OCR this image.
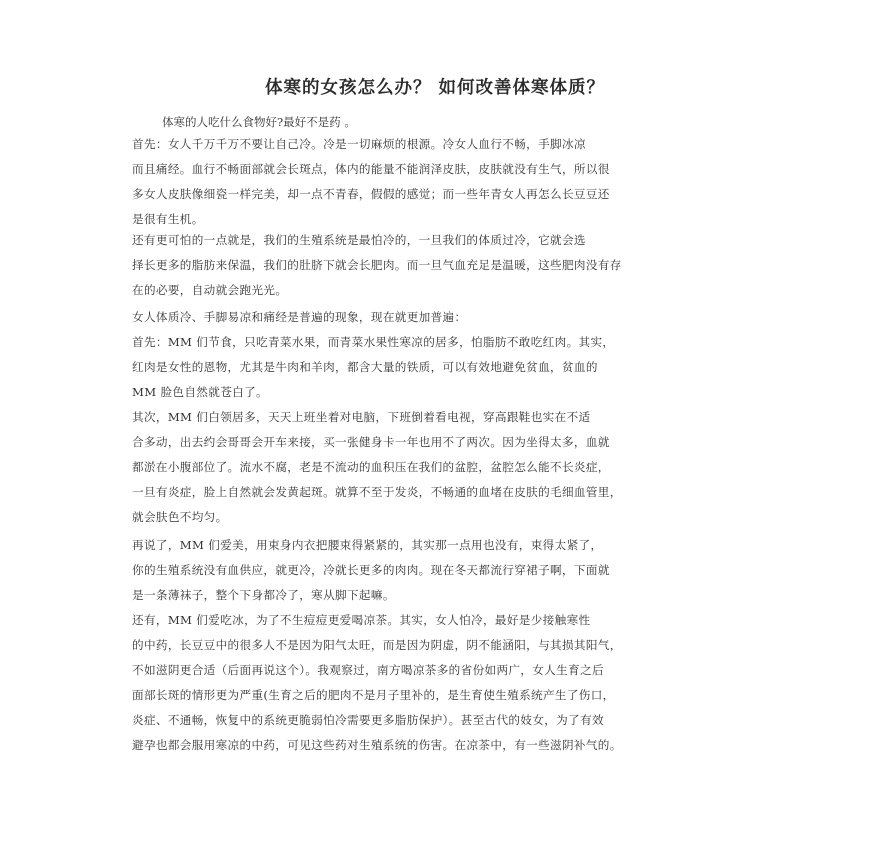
体寒的女孩怎么办？ 如何改善体寒体质？
体寒的人吃什么食物好?最好不是药 。
首先：女人千万千万不要让自己冷。冷是一切麻烦的根源。冷女人血行不畅，手脚冰凉
而且痛经。血行不畅面部就会长斑点，体内的能量不能润泽皮肤，皮肤就没有生气，所以很
多女人皮肤像细瓷一样完美，却一点不青春，假假的感觉；而一些年青女人再怎么长豆豆还
是很有生机。
还有更可怕的一点就是，我们的生殖系统是最怕冷的，一旦我们的体质过冷，它就会选
择长更多的脂肪来保温，我们的肚脐下就会长肥肉。而一旦气血充足是温暖，这些肥肉没有存
在的必要，自动就会跑光光。
女人体质冷、手脚易凉和痛经是普遍的现象，现在就更加普遍：
首先：MM 们节食，只吃青菜水果，而青菜水果性寒凉的居多，怕脂肪不敢吃红肉。其实，
红肉是女性的恩物，尤其是牛肉和羊肉，都含大量的铁质，可以有效地避免贫血，贫血的
MM 脸色自然就苍白了。
其次，MM 们白领居多，天天上班坐着对电脑，下班倒着看电视，穿高跟鞋也实在不适
合多动，出去约会哥哥会开车来接，买一张健身卡一年也用不了两次。因为坐得太多，血就
都淤在小腹部位了。流水不腐，老是不流动的血积压在我们的盆腔，盆腔怎么能不长炎症，
一旦有炎症，脸上自然就会发黄起斑。就算不至于发炎，不畅通的血堵在皮肤的毛细血管里，
就会肤色不均匀。
再说了，MM 们爱美，用束身内衣把腰束得紧紧的，其实那一点用也没有，束得太紧了，
你的生殖系统没有血供应，就更冷，冷就长更多的肉肉。现在冬天都流行穿裙子啊，下面就
是一条薄袜子，整个下身都冷了，寒从脚下起嘛。
还有，MM 们爱吃冰，为了不生痘痘更爱喝凉茶。其实，女人怕冷，最好是少接触寒性
的中药，长豆豆中的很多人不是因为阳气太旺，而是因为阴虚，阴不能涵阳，与其损其阳气，
不如滋阴更合适（后面再说这个）。我观察过，南方喝凉茶多的省份如两广，女人生育之后
面部长斑的情形更为严重(生育之后的肥肉不是月子里补的，是生育使生殖系统产生了伤口，
炎症、不通畅，恢复中的系统更脆弱怕冷需要更多脂肪保护）。甚至古代的妓女，为了有效
避孕也都会服用寒凉的中药，可见这些药对生殖系统的伤害。在凉茶中，有一些滋阴补气的。
